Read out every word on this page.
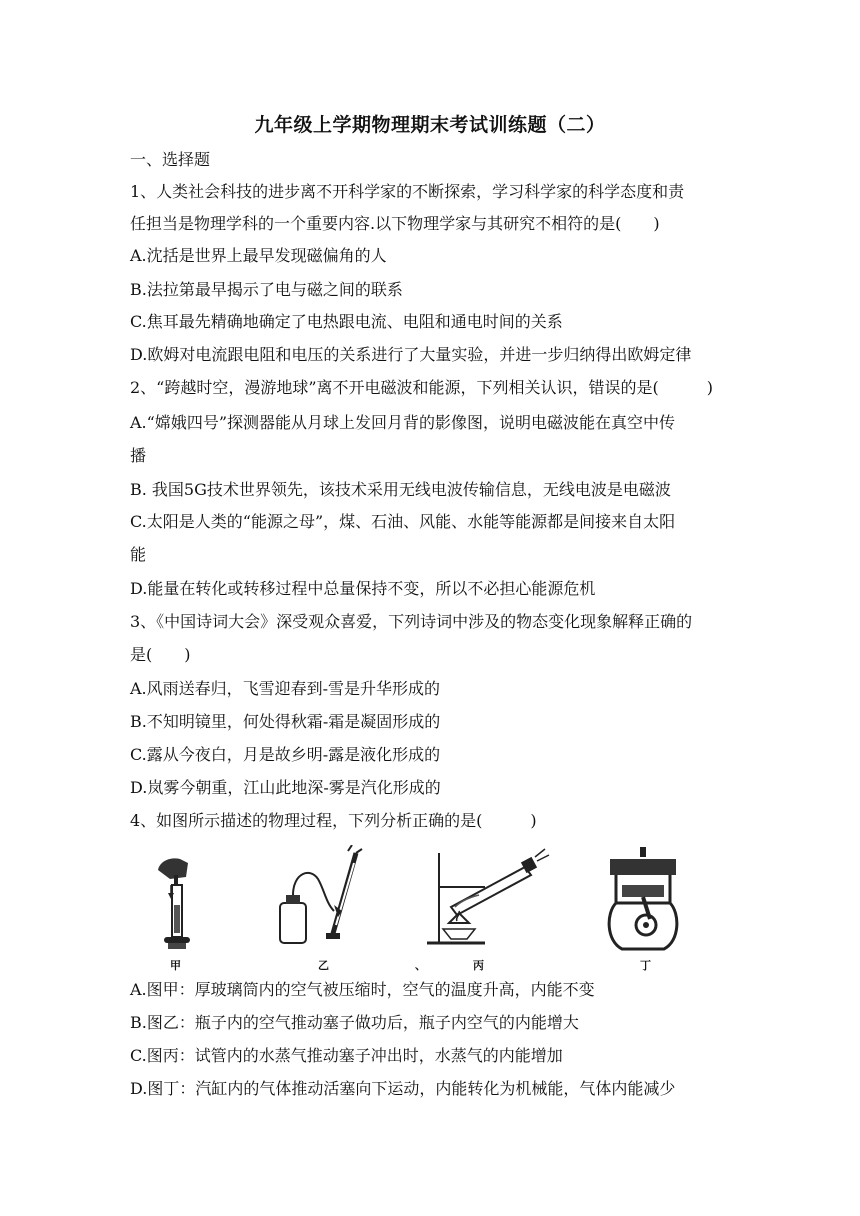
九年级上学期物理期末考试训练题（二）
一、选择题
1、人类社会科技的进步离不开科学家的不断探索，学习科学家的科学态度和责
任担当是物理学科的一个重要内容.以下物理学家与其研究不相符的是(　　)
A.沈括是世界上最早发现磁偏角的人
B.法拉第最早揭示了电与磁之间的联系
C.焦耳最先精确地确定了电热跟电流、电阻和通电时间的关系
D.欧姆对电流跟电阻和电压的关系进行了大量实验，并进一步归纳得出欧姆定律
2、“跨越时空，漫游地球”离不开电磁波和能源，下列相关认识，错误的是(　　　)
A.“嫦娥四号”探测器能从月球上发回月背的影像图，说明电磁波能在真空中传
播
B. 我国5G技术世界领先，该技术采用无线电波传输信息，无线电波是电磁波
C.太阳是人类的“能源之母”，煤、石油、风能、水能等能源都是间接来自太阳
能
D.能量在转化或转移过程中总量保持不变，所以不必担心能源危机
3、《中国诗词大会》深受观众喜爱，下列诗词中涉及的物态变化现象解释正确的
是(　　)
A.风雨送春归，飞雪迎春到-雪是升华形成的
B.不知明镜里，何处得秋霜-霜是凝固形成的
C.露从今夜白，月是故乡明-露是液化形成的
D.岚雾今朝重，江山此地深-雾是汽化形成的
4、如图所示描述的物理过程，下列分析正确的是(　　　)
甲	乙	、	丙	丁
A.图甲：厚玻璃筒内的空气被压缩时，空气的温度升高，内能不变
B.图乙：瓶子内的空气推动塞子做功后，瓶子内空气的内能增大
C.图丙：试管内的水蒸气推动塞子冲出时，水蒸气的内能增加
D.图丁：汽缸内的气体推动活塞向下运动，内能转化为机械能，气体内能减少
